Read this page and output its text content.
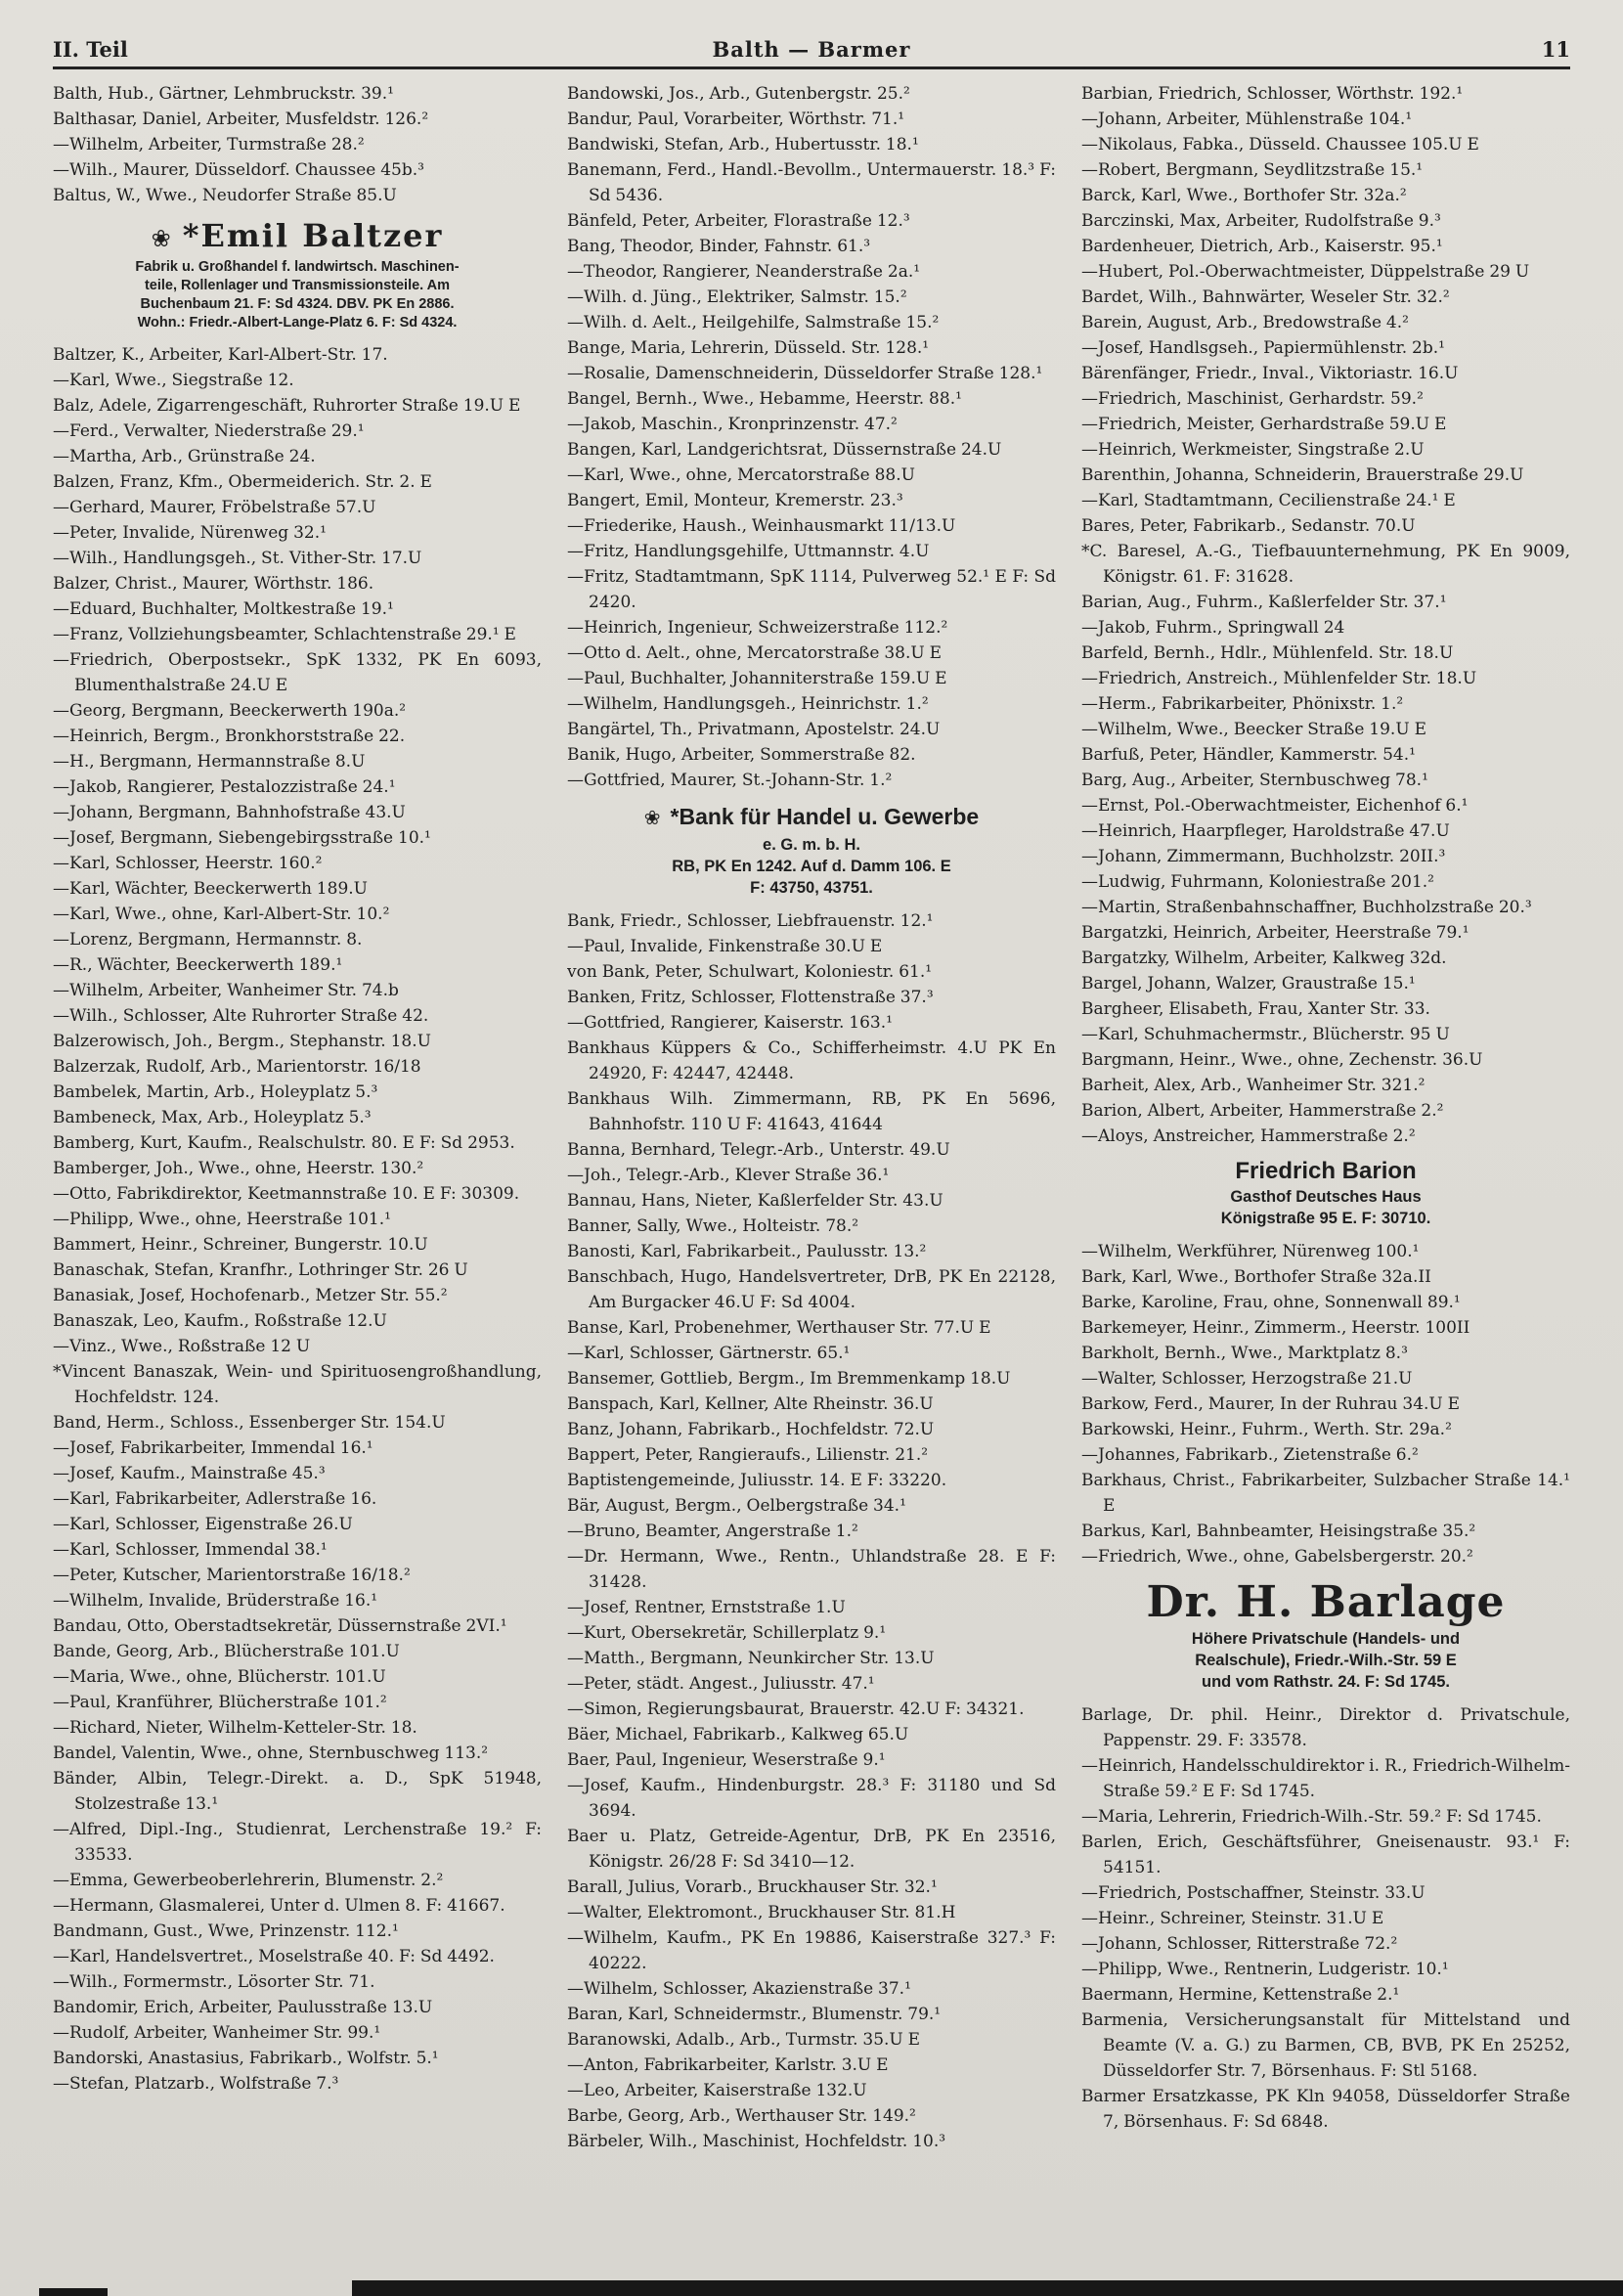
II. Teil	Balth — Barmer	11

Balth, Hub., Gärtner, Lehmbruckstr. 39.¹

Balthasar, Daniel, Arbeiter, Musfeldstr. 126.²

—Wilhelm, Arbeiter, Turmstraße 28.²

—Wilh., Maurer, Düsseldorf. Chaussee 45b.³

Baltus, W., Wwe., Neudorfer Straße 85.U

❀ *Emil Baltzer
Fabrik u. Großhandel f. landwirtsch. Maschinen-
teile, Rollenlager und Transmissionsteile. Am
Buchenbaum 21. F: Sd 4324. DBV. PK En 2886.
Wohn.: Friedr.-Albert-Lange-Platz 6. F: Sd 4324.

Baltzer, K., Arbeiter, Karl-Albert-Str. 17.

—Karl, Wwe., Siegstraße 12.

Balz, Adele, Zigarrengeschäft, Ruhrorter Straße 19.U E

—Ferd., Verwalter, Niederstraße 29.¹

—Martha, Arb., Grünstraße 24.

Balzen, Franz, Kfm., Obermeiderich. Str. 2. E

—Gerhard, Maurer, Fröbelstraße 57.U

—Peter, Invalide, Nürenweg 32.¹

—Wilh., Handlungsgeh., St. Vither-Str. 17.U

Balzer, Christ., Maurer, Wörthstr. 186.

—Eduard, Buchhalter, Moltkestraße 19.¹

—Franz, Vollziehungsbeamter, Schlachtenstraße 29.¹ E

—Friedrich, Oberpostsekr., SpK 1332, PK En 6093, Blumenthalstraße 24.U E

—Georg, Bergmann, Beeckerwerth 190a.²

—Heinrich, Bergm., Bronkhorststraße 22.

—H., Bergmann, Hermannstraße 8.U

—Jakob, Rangierer, Pestalozzistraße 24.¹

—Johann, Bergmann, Bahnhofstraße 43.U

—Josef, Bergmann, Siebengebirgsstraße 10.¹

—Karl, Schlosser, Heerstr. 160.²

—Karl, Wächter, Beeckerwerth 189.U

—Karl, Wwe., ohne, Karl-Albert-Str. 10.²

—Lorenz, Bergmann, Hermannstr. 8.

—R., Wächter, Beeckerwerth 189.¹

—Wilhelm, Arbeiter, Wanheimer Str. 74.b

—Wilh., Schlosser, Alte Ruhrorter Straße 42.

Balzerowisch, Joh., Bergm., Stephanstr. 18.U

Balzerzak, Rudolf, Arb., Marientorstr. 16/18

Bambelek, Martin, Arb., Holeyplatz 5.³

Bambeneck, Max, Arb., Holeyplatz 5.³

Bamberg, Kurt, Kaufm., Realschulstr. 80. E F: Sd 2953.

Bamberger, Joh., Wwe., ohne, Heerstr. 130.²

—Otto, Fabrikdirektor, Keetmannstraße 10. E F: 30309.

—Philipp, Wwe., ohne, Heerstraße 101.¹

Bammert, Heinr., Schreiner, Bungerstr. 10.U

Banaschak, Stefan, Kranfhr., Lothringer Str. 26 U

Banasiak, Josef, Hochofenarb., Metzer Str. 55.²

Banaszak, Leo, Kaufm., Roßstraße 12.U

—Vinz., Wwe., Roßstraße 12 U

*Vincent Banaszak, Wein- und Spirituosengroßhandlung, Hochfeldstr. 124.

Band, Herm., Schloss., Essenberger Str. 154.U

—Josef, Fabrikarbeiter, Immendal 16.¹

—Josef, Kaufm., Mainstraße 45.³

—Karl, Fabrikarbeiter, Adlerstraße 16.

—Karl, Schlosser, Eigenstraße 26.U

—Karl, Schlosser, Immendal 38.¹

—Peter, Kutscher, Marientorstraße 16/18.²

—Wilhelm, Invalide, Brüderstraße 16.¹

Bandau, Otto, Oberstadtsekretär, Düssernstraße 2VI.¹

Bande, Georg, Arb., Blücherstraße 101.U

—Maria, Wwe., ohne, Blücherstr. 101.U

—Paul, Kranführer, Blücherstraße 101.²

—Richard, Nieter, Wilhelm-Ketteler-Str. 18.

Bandel, Valentin, Wwe., ohne, Sternbuschweg 113.²

Bänder, Albin, Telegr.-Direkt. a. D., SpK 51948, Stolzestraße 13.¹

—Alfred, Dipl.-Ing., Studienrat, Lerchenstraße 19.² F: 33533.

—Emma, Gewerbeoberlehrerin, Blumenstr. 2.²

—Hermann, Glasmalerei, Unter d. Ulmen 8. F: 41667.

Bandmann, Gust., Wwe, Prinzenstr. 112.¹

—Karl, Handelsvertret., Moselstraße 40. F: Sd 4492.

—Wilh., Formermstr., Lösorter Str. 71.

Bandomir, Erich, Arbeiter, Paulusstraße 13.U

—Rudolf, Arbeiter, Wanheimer Str. 99.¹

Bandorski, Anastasius, Fabrikarb., Wolfstr. 5.¹

—Stefan, Platzarb., Wolfstraße 7.³

Bandowski, Jos., Arb., Gutenbergstr. 25.²

Bandur, Paul, Vorarbeiter, Wörthstr. 71.¹

Bandwiski, Stefan, Arb., Hubertusstr. 18.¹

Banemann, Ferd., Handl.-Bevollm., Untermauerstr. 18.³ F: Sd 5436.

Bänfeld, Peter, Arbeiter, Florastraße 12.³

Bang, Theodor, Binder, Fahnstr. 61.³

—Theodor, Rangierer, Neanderstraße 2a.¹

—Wilh. d. Jüng., Elektriker, Salmstr. 15.²

—Wilh. d. Aelt., Heilgehilfe, Salmstraße 15.²

Bange, Maria, Lehrerin, Düsseld. Str. 128.¹

—Rosalie, Damenschneiderin, Düsseldorfer Straße 128.¹

Bangel, Bernh., Wwe., Hebamme, Heerstr. 88.¹

—Jakob, Maschin., Kronprinzenstr. 47.²

Bangen, Karl, Landgerichtsrat, Düssernstraße 24.U

—Karl, Wwe., ohne, Mercatorstraße 88.U

Bangert, Emil, Monteur, Kremerstr. 23.³

—Friederike, Haush., Weinhausmarkt 11/13.U

—Fritz, Handlungsgehilfe, Uttmannstr. 4.U

—Fritz, Stadtamtmann, SpK 1114, Pulverweg 52.¹ E F: Sd 2420.

—Heinrich, Ingenieur, Schweizerstraße 112.²

—Otto d. Aelt., ohne, Mercatorstraße 38.U E

—Paul, Buchhalter, Johanniterstraße 159.U E

—Wilhelm, Handlungsgeh., Heinrichstr. 1.²

Bangärtel, Th., Privatmann, Apostelstr. 24.U

Banik, Hugo, Arbeiter, Sommerstraße 82.

—Gottfried, Maurer, St.-Johann-Str. 1.²

❀ *Bank für Handel u. Gewerbe
e. G. m. b. H.
RB, PK En 1242. Auf d. Damm 106. E
F: 43750, 43751.

Bank, Friedr., Schlosser, Liebfrauenstr. 12.¹

—Paul, Invalide, Finkenstraße 30.U E

von Bank, Peter, Schulwart, Koloniestr. 61.¹

Banken, Fritz, Schlosser, Flottenstraße 37.³

—Gottfried, Rangierer, Kaiserstr. 163.¹

Bankhaus Küppers & Co., Schifferheimstr. 4.U PK En 24920, F: 42447, 42448.

Bankhaus Wilh. Zimmermann, RB, PK En 5696, Bahnhofstr. 110 U F: 41643, 41644

Banna, Bernhard, Telegr.-Arb., Unterstr. 49.U

—Joh., Telegr.-Arb., Klever Straße 36.¹

Bannau, Hans, Nieter, Kaßlerfelder Str. 43.U

Banner, Sally, Wwe., Holteistr. 78.²

Banosti, Karl, Fabrikarbeit., Paulusstr. 13.²

Banschbach, Hugo, Handelsvertreter, DrB, PK En 22128, Am Burgacker 46.U F: Sd 4004.

Banse, Karl, Probenehmer, Werthauser Str. 77.U E

—Karl, Schlosser, Gärtnerstr. 65.¹

Bansemer, Gottlieb, Bergm., Im Bremmenkamp 18.U

Banspach, Karl, Kellner, Alte Rheinstr. 36.U

Banz, Johann, Fabrikarb., Hochfeldstr. 72.U

Bappert, Peter, Rangieraufs., Lilienstr. 21.²

Baptistengemeinde, Juliusstr. 14. E F: 33220.

Bär, August, Bergm., Oelbergstraße 34.¹

—Bruno, Beamter, Angerstraße 1.²

—Dr. Hermann, Wwe., Rentn., Uhlandstraße 28. E F: 31428.

—Josef, Rentner, Ernststraße 1.U

—Kurt, Obersekretär, Schillerplatz 9.¹

—Matth., Bergmann, Neunkircher Str. 13.U

—Peter, städt. Angest., Juliusstr. 47.¹

—Simon, Regierungsbaurat, Brauerstr. 42.U F: 34321.

Bäer, Michael, Fabrikarb., Kalkweg 65.U

Baer, Paul, Ingenieur, Weserstraße 9.¹

—Josef, Kaufm., Hindenburgstr. 28.³ F: 31180 und Sd 3694.

Baer u. Platz, Getreide-Agentur, DrB, PK En 23516, Königstr. 26/28 F: Sd 3410—12.

Barall, Julius, Vorarb., Bruckhauser Str. 32.¹

—Walter, Elektromont., Bruckhauser Str. 81.H

—Wilhelm, Kaufm., PK En 19886, Kaiserstraße 327.³ F: 40222.

—Wilhelm, Schlosser, Akazienstraße 37.¹

Baran, Karl, Schneidermstr., Blumenstr. 79.¹

Baranowski, Adalb., Arb., Turmstr. 35.U E

—Anton, Fabrikarbeiter, Karlstr. 3.U E

—Leo, Arbeiter, Kaiserstraße 132.U

Barbe, Georg, Arb., Werthauser Str. 149.²

Bärbeler, Wilh., Maschinist, Hochfeldstr. 10.³

Barbian, Friedrich, Schlosser, Wörthstr. 192.¹

—Johann, Arbeiter, Mühlenstraße 104.¹

—Nikolaus, Fabka., Düsseld. Chaussee 105.U E

—Robert, Bergmann, Seydlitzstraße 15.¹

Barck, Karl, Wwe., Borthofer Str. 32a.²

Barczinski, Max, Arbeiter, Rudolfstraße 9.³

Bardenheuer, Dietrich, Arb., Kaiserstr. 95.¹

—Hubert, Pol.-Oberwachtmeister, Düppelstraße 29 U

Bardet, Wilh., Bahnwärter, Weseler Str. 32.²

Barein, August, Arb., Bredowstraße 4.²

—Josef, Handlsgseh., Papiermühlenstr. 2b.¹

Bärenfänger, Friedr., Inval., Viktoriastr. 16.U

—Friedrich, Maschinist, Gerhardstr. 59.²

—Friedrich, Meister, Gerhardstraße 59.U E

—Heinrich, Werkmeister, Singstraße 2.U

Barenthin, Johanna, Schneiderin, Brauerstraße 29.U

—Karl, Stadtamtmann, Cecilienstraße 24.¹ E

Bares, Peter, Fabrikarb., Sedanstr. 70.U

*C. Baresel, A.-G., Tiefbauunternehmung, PK En 9009, Königstr. 61. F: 31628.

Barian, Aug., Fuhrm., Kaßlerfelder Str. 37.¹

—Jakob, Fuhrm., Springwall 24

Barfeld, Bernh., Hdlr., Mühlenfeld. Str. 18.U

—Friedrich, Anstreich., Mühlenfelder Str. 18.U

—Herm., Fabrikarbeiter, Phönixstr. 1.²

—Wilhelm, Wwe., Beecker Straße 19.U E

Barfuß, Peter, Händler, Kammerstr. 54.¹

Barg, Aug., Arbeiter, Sternbuschweg 78.¹

—Ernst, Pol.-Oberwachtmeister, Eichenhof 6.¹

—Heinrich, Haarpfleger, Haroldstraße 47.U

—Johann, Zimmermann, Buchholzstr. 20II.³

—Ludwig, Fuhrmann, Koloniestraße 201.²

—Martin, Straßenbahnschaffner, Buchholzstraße 20.³

Bargatzki, Heinrich, Arbeiter, Heerstraße 79.¹

Bargatzky, Wilhelm, Arbeiter, Kalkweg 32d.

Bargel, Johann, Walzer, Graustraße 15.¹

Bargheer, Elisabeth, Frau, Xanter Str. 33.

—Karl, Schuhmachermstr., Blücherstr. 95 U

Bargmann, Heinr., Wwe., ohne, Zechenstr. 36.U

Barheit, Alex, Arb., Wanheimer Str. 321.²

Barion, Albert, Arbeiter, Hammerstraße 2.²

—Aloys, Anstreicher, Hammerstraße 2.²

Friedrich Barion
Gasthof Deutsches Haus
Königstraße 95 E. F: 30710.

—Wilhelm, Werkführer, Nürenweg 100.¹

Bark, Karl, Wwe., Borthofer Straße 32a.II

Barke, Karoline, Frau, ohne, Sonnenwall 89.¹

Barkemeyer, Heinr., Zimmerm., Heerstr. 100II

Barkholt, Bernh., Wwe., Marktplatz 8.³

—Walter, Schlosser, Herzogstraße 21.U

Barkow, Ferd., Maurer, In der Ruhrau 34.U E

Barkowski, Heinr., Fuhrm., Werth. Str. 29a.²

—Johannes, Fabrikarb., Zietenstraße 6.²

Barkhaus, Christ., Fabrikarbeiter, Sulzbacher Straße 14.¹ E

Barkus, Karl, Bahnbeamter, Heisingstraße 35.²

—Friedrich, Wwe., ohne, Gabelsbergerstr. 20.²

Dr. H. Barlage
Höhere Privatschule (Handels- und
Realschule), Friedr.-Wilh.-Str. 59 E
und vom Rathstr. 24. F: Sd 1745.

Barlage, Dr. phil. Heinr., Direktor d. Privatschule, Pappenstr. 29. F: 33578.

—Heinrich, Handelsschuldirektor i. R., Friedrich-Wilhelm-Straße 59.² E F: Sd 1745.

—Maria, Lehrerin, Friedrich-Wilh.-Str. 59.² F: Sd 1745.

Barlen, Erich, Geschäftsführer, Gneisenaustr. 93.¹ F: 54151.

—Friedrich, Postschaffner, Steinstr. 33.U

—Heinr., Schreiner, Steinstr. 31.U E

—Johann, Schlosser, Ritterstraße 72.²

—Philipp, Wwe., Rentnerin, Ludgeristr. 10.¹

Baermann, Hermine, Kettenstraße 2.¹

Barmenia, Versicherungsanstalt für Mittelstand und Beamte (V. a. G.) zu Barmen, CB, BVB, PK En 25252, Düsseldorfer Str. 7, Börsenhaus. F: Stl 5168.

Barmer Ersatzkasse, PK Kln 94058, Düsseldorfer Straße 7, Börsenhaus. F: Sd 6848.
